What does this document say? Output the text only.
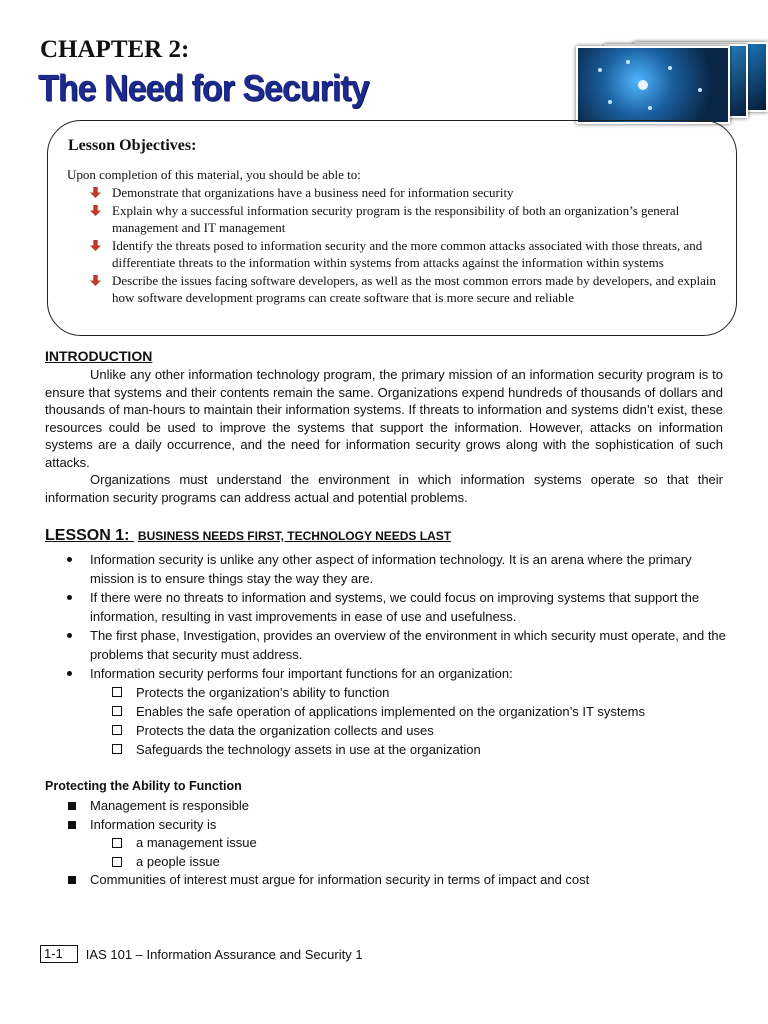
CHAPTER 2:
The Need for Security
Lesson Objectives:
Upon completion of this material, you should be able to:
Demonstrate that organizations have a business need for information security
Explain why a successful information security program is the responsibility of both an organization’s general management and IT management
Identify the threats posed to information security and the more common attacks associated with those threats, and differentiate threats to the information within systems from attacks against the information within systems
Describe the issues facing software developers, as well as the most common errors made by developers, and explain how software development programs can create software that is more secure and reliable
INTRODUCTION

Unlike any other information technology program, the primary mission of an information security program is to ensure that systems and their contents remain the same. Organizations expend hundreds of thousands of dollars and thousands of man-hours to maintain their information systems. If threats to information and systems didn’t exist, these resources could be used to improve the systems that support the information. However, attacks on information systems are a daily occurrence, and the need for information security grows along with the sophistication of such attacks.

Organizations must understand the environment in which information systems operate so that their information security programs can address actual and potential problems.

LESSON 1: BUSINESS NEEDS FIRST, TECHNOLOGY NEEDS LAST
Information security is unlike any other aspect of information technology. It is an arena where the primary mission is to ensure things stay the way they are.
If there were no threats to information and systems, we could focus on improving systems that support the information, resulting in vast improvements in ease of use and usefulness.
The first phase, Investigation, provides an overview of the environment in which security must operate, and the problems that security must address.
Information security performs four important functions for an organization:
Protects the organization’s ability to function
Enables the safe operation of applications implemented on the organization’s IT systems
Protects the data the organization collects and uses
Safeguards the technology assets in use at the organization
Protecting the Ability to Function
Management is responsible
Information security is
a management issue
a people issue
Communities of interest must argue for information security in terms of impact and cost
1-1	IAS 101 – Information Assurance and Security 1
